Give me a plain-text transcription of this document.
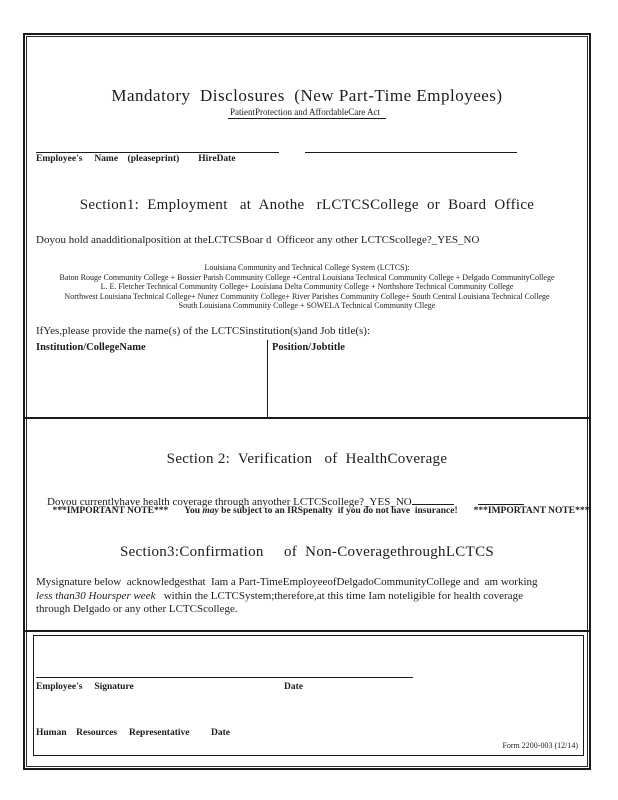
Mandatory  Disclosures  (New Part-Time Employees)
PatientProtection and AffordableCare Act
Employee's     Name    (pleaseprint)        HireDate
Section1:  Employment   at  Anothe   rLCTCSCollege  or  Board  Office
Doyou hold anadditionalposition at theLCTCSBoar d  Officeor any other LCTCScollege?_YES_NO
Louisiana Community and Technical College System (LCTCS):
Baton Rouge Community College + Bossier Parish Community College +Central Louisiana Technical Community College + Delgado CommunityCollege
L. E. Fletcher Technical Community College+ Louisiana Delta Community College + Northshore Technical Community College
Northwest Louisiana Technical College+ Nunez Community College+ River Parishes Community College+ South Central Louisiana Technical College
South Louisiana Community College + SOWELA Technical Community Cllege
IfYes,please provide the name(s) of the LCTCSinstitution(s)and Job title(s):
Institution/CollegeName	Position/Jobtitle
Section 2:  Verification   of  HealthCoverage

Doyou currentlyhave health coverage through anyother LCTCScollege?_YES_NO

***IMPORTANT NOTE*** You may be subject to an IRSpenalty  if you do not have  insurance! ***IMPORTANT NOTE***

Section3:Confirmation     of  Non-CoveragethroughLCTCS
Mysignature below  acknowledgesthat  Iam a Part-TimeEmployeeofDelgadoCommunityCollege and  am working
less than30 Hoursper week   within the LCTCSystem;therefore,at this time Iam noteligible for health coverage
through Delgado or any other LCTCScollege.
Employee's     Signature	Date
Human    Resources     Representative Date
Form 2200-003 (12/14)
